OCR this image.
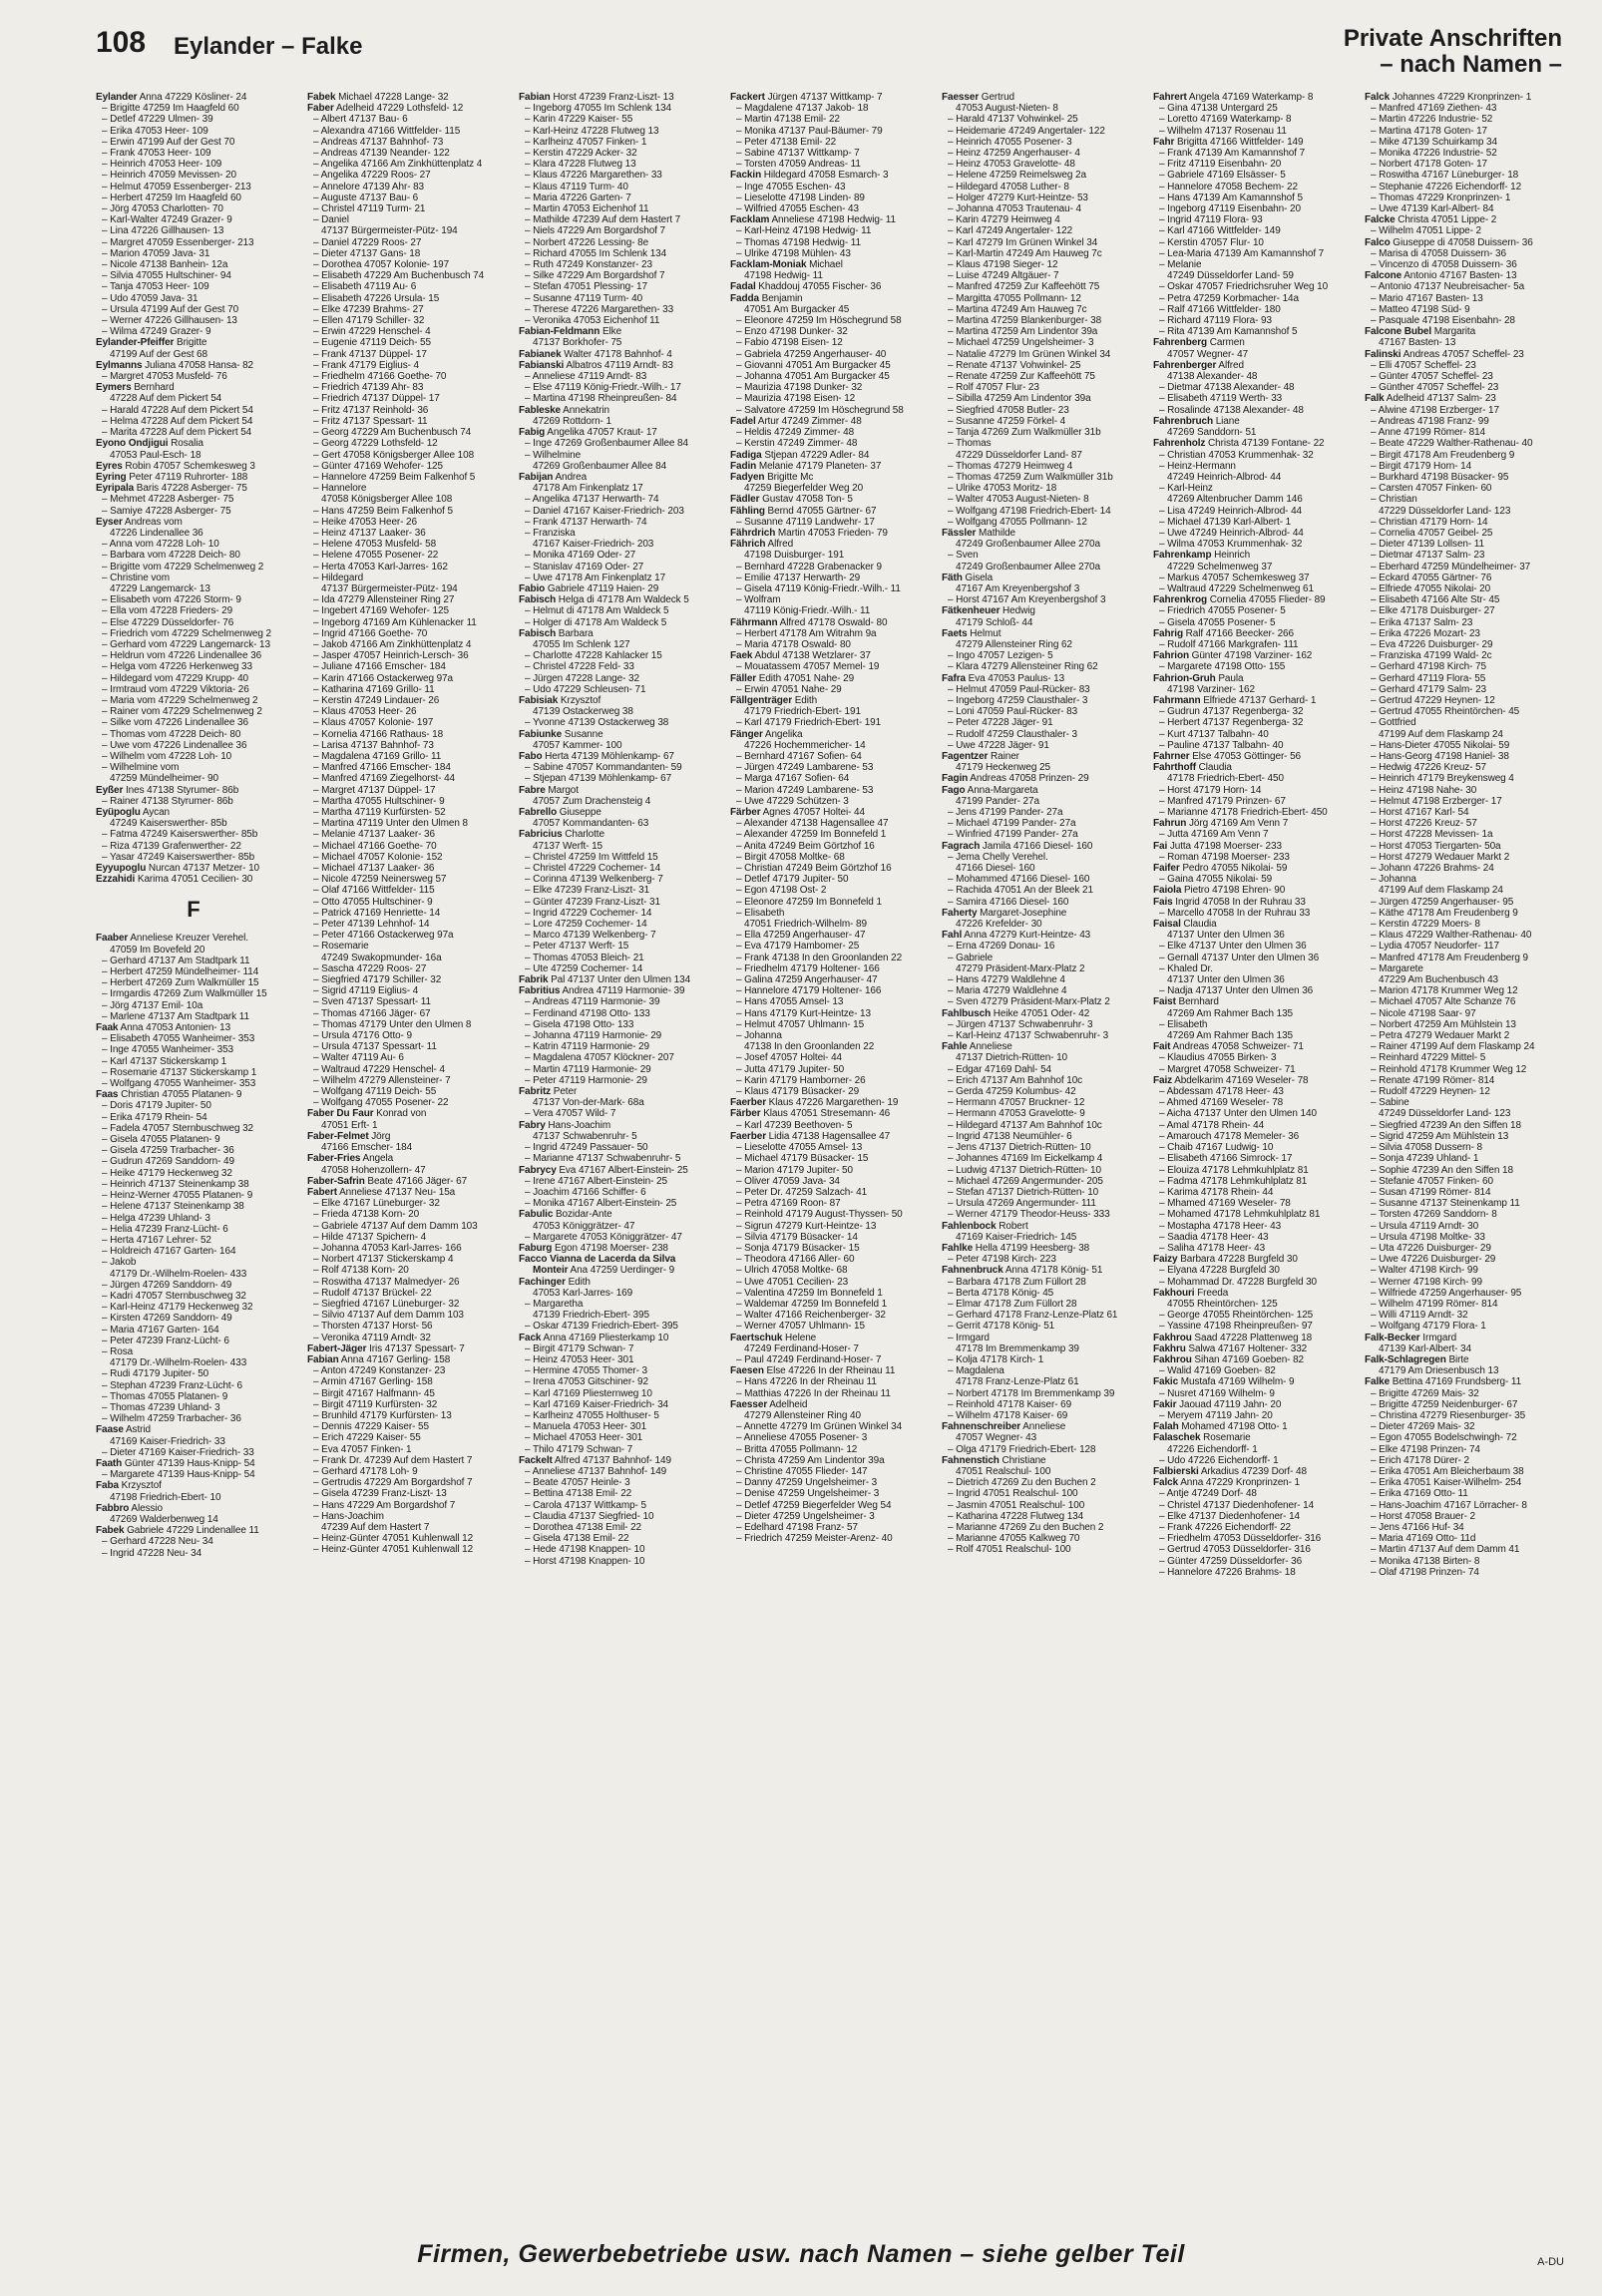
108 Eylander – Falke	Private Anschriften
– nach Namen –
Eylander Anna 47229 Kösliner- 24
– Brigitte 47259 Im Haagfeld 60
– Detlef 47229 Ulmen- 39
– Erika 47053 Heer- 109
– Erwin 47199 Auf der Gest 70
– Frank 47053 Heer- 109
– Heinrich 47053 Heer- 109
– Heinrich 47059 Mevissen- 20
– Helmut 47059 Essenberger- 213
– Herbert 47259 Im Haagfeld 60
– Jörg 47053 Charlotten- 70
– Karl-Walter 47249 Grazer- 9
– Lina 47226 Gillhausen- 13
– Margret 47059 Essenberger- 213
– Marion 47059 Java- 31
– Nicole 47138 Banhein- 12a
– Silvia 47055 Hultschiner- 94
– Tanja 47053 Heer- 109
– Udo 47059 Java- 31
– Ursula 47199 Auf der Gest 70
– Werner 47226 Gillhausen- 13
– Wilma 47249 Grazer- 9
Eylander-Pfeiffer Brigitte
47199 Auf der Gest 68
Eylmanns Juliana 47058 Hansa- 82
– Margret 47053 Musfeld- 76
Eymers Bernhard
47228 Auf dem Pickert 54
– Harald 47228 Auf dem Pickert 54
– Helma 47228 Auf dem Pickert 54
– Marita 47228 Auf dem Pickert 54
Eyono Ondjigui Rosalia
47053 Paul-Esch- 18
Eyres Robin 47057 Schemkesweg 3
Eyring Peter 47119 Ruhrorter- 188
Eyripala Baris 47228 Asberger- 75
– Mehmet 47228 Asberger- 75
– Samiye 47228 Asberger- 75
Eyser Andreas vom
47226 Lindenallee 36
– Anna vom 47228 Loh- 10
– Barbara vom 47228 Deich- 80
– Brigitte vom 47229 Schelmenweg 2
– Christine vom
47229 Langemarck- 13
– Elisabeth vom 47226 Storm- 9
– Ella vom 47228 Frieders- 29
– Else 47229 Düsseldorfer- 76
– Friedrich vom 47229 Schelmenweg 2
– Gerhard vom 47229 Langemarck- 13
– Heldrun vom 47226 Lindenallee 36
– Helga vom 47226 Herkenweg 33
– Hildegard vom 47229 Krupp- 40
– Irmtraud vom 47229 Viktoria- 26
– Maria vom 47229 Schelmenweg 2
– Rainer vom 47229 Schelmenweg 2
– Silke vom 47226 Lindenallee 36
– Thomas vom 47228 Deich- 80
– Uwe vom 47226 Lindenallee 36
– Wilhelm vom 47228 Loh- 10
– Wilhelmine vom
47259 Mündelheimer- 90
Eyßer Ines 47138 Styrumer- 86b
– Rainer 47138 Styrumer- 86b
Eyüpoglu Aycan
47249 Kaiserswerther- 85b
– Fatma 47249 Kaiserswerther- 85b
– Riza 47139 Grafenwerther- 22
– Yasar 47249 Kaiserswerther- 85b
Eyyupoglu Nurcan 47137 Metzer- 10
Ezzahidi Karima 47051 Cecilien- 30
F
Faaber Anneliese Kreuzer Verehel.
47059 Im Bovefeld 20
– Gerhard 47137 Am Stadtpark 11
– Herbert 47259 Mündelheimer- 114
– Herbert 47269 Zum Walkmüller 15
– Irmgardis 47269 Zum Walkmüller 15
– Jörg 47137 Emil- 10a
– Marlene 47137 Am Stadtpark 11
Faak Anna 47053 Antonien- 13
– Elisabeth 47055 Wanheimer- 353
– Inge 47055 Wanheimer- 353
– Karl 47137 Stickerskamp 1
– Rosemarie 47137 Stickerskamp 1
– Wolfgang 47055 Wanheimer- 353
Faas Christian 47055 Platanen- 9
– Doris 47179 Jupiter- 50
– Erika 47179 Rhein- 54
– Fadela 47057 Sternbuschweg 32
– Gisela 47055 Platanen- 9
– Gisela 47259 Trarbacher- 36
– Gudrun 47269 Sanddorn- 49
– Heike 47179 Heckenweg 32
– Heinrich 47137 Steinenkamp 38
– Heinz-Werner 47055 Platanen- 9
– Helene 47137 Steinenkamp 38
– Helga 47239 Uhland- 3
– Helia 47239 Franz-Lücht- 6
– Herta 47167 Lehrer- 52
– Holdreich 47167 Garten- 164
– Jakob
47179 Dr.-Wilhelm-Roelen- 433
– Jürgen 47269 Sanddorn- 49
– Kadri 47057 Sternbuschweg 32
– Karl-Heinz 47179 Heckenweg 32
– Kirsten 47269 Sanddorn- 49
– Maria 47167 Garten- 164
– Peter 47239 Franz-Lücht- 6
– Rosa
47179 Dr.-Wilhelm-Roelen- 433
– Rudi 47179 Jupiter- 50
– Stephan 47239 Franz-Lücht- 6
– Thomas 47055 Platanen- 9
– Thomas 47239 Uhland- 3
– Wilhelm 47259 Trarbacher- 36
Faase Astrid
47169 Kaiser-Friedrich- 33
– Dieter 47169 Kaiser-Friedrich- 33
Faath Günter 47139 Haus-Knipp- 54
– Margarete 47139 Haus-Knipp- 54
Faba Krzysztof
47198 Friedrich-Ebert- 10
Fabbro Alessio
47269 Walderbenweg 14
Fabek Gabriele 47229 Lindenallee 11
– Gerhard 47228 Neu- 34
– Ingrid 47228 Neu- 34
Fabek Michael 47228 Lange- 32
Faber Adelheid 47229 Lothsfeld- 12
– Albert 47137 Bau- 6
– Alexandra 47166 Wittfelder- 115
– Andreas 47137 Bahnhof- 73
– Andreas 47139 Neander- 122
– Angelika 47166 Am Zinkhüttenplatz 4
– Angelika 47229 Roos- 27
– Annelore 47139 Ahr- 83
– Auguste 47137 Bau- 6
– Christel 47119 Turm- 21
– Daniel
47137 Bürgermeister-Pütz- 194
– Daniel 47229 Roos- 27
– Dieter 47137 Gans- 18
– Dorothea 47057 Kolonie- 197
– Elisabeth 47229 Am Buchenbusch 74
– Elisabeth 47119 Au- 6
– Elisabeth 47226 Ursula- 15
– Elke 47239 Brahms- 27
– Ellen 47179 Schiller- 32
– Erwin 47229 Henschel- 4
– Eugenie 47119 Deich- 55
– Frank 47137 Düppel- 17
– Frank 47179 Eiglius- 4
– Friedhelm 47166 Goethe- 70
– Friedrich 47139 Ahr- 83
– Friedrich 47137 Düppel- 17
– Fritz 47137 Reinhold- 36
– Fritz 47137 Spessart- 11
– Georg 47229 Am Buchenbusch 74
– Georg 47229 Lothsfeld- 12
– Gert 47058 Königsberger Allee 108
– Günter 47169 Wehofer- 125
– Hannelore 47259 Beim Falkenhof 5
– Hannelore
47058 Königsberger Allee 108
– Hans 47259 Beim Falkenhof 5
– Heike 47053 Heer- 26
– Heinz 47137 Laaker- 36
– Helene 47053 Musfeld- 58
– Helene 47055 Posener- 22
– Herta 47053 Karl-Jarres- 162
– Hildegard
47137 Bürgermeister-Pütz- 194
– Ida 47279 Allensteiner Ring 27
– Ingebert 47169 Wehofer- 125
– Ingeborg 47169 Am Kühlenacker 11
– Ingrid 47166 Goethe- 70
– Jakob 47166 Am Zinkhüttenplatz 4
– Jasper 47057 Heinrich-Lersch- 36
– Juliane 47166 Emscher- 184
– Karin 47166 Ostackerweg 97a
– Katharina 47169 Grillo- 11
– Kerstin 47249 Lindauer- 26
– Klaus 47053 Heer- 26
– Klaus 47057 Kolonie- 197
– Kornelia 47166 Rathaus- 18
– Larisa 47137 Bahnhof- 73
– Magdalena 47169 Grillo- 11
– Manfred 47166 Emscher- 184
– Manfred 47169 Ziegelhorst- 44
– Margret 47137 Düppel- 17
– Martha 47055 Hultschiner- 9
– Martha 47119 Kurfürsten- 52
– Martina 47119 Unter den Ulmen 8
– Melanie 47137 Laaker- 36
– Michael 47166 Goethe- 70
– Michael 47057 Kolonie- 152
– Michael 47137 Laaker- 36
– Nicole 47259 Neinersweg 57
– Olaf 47166 Wittfelder- 115
– Otto 47055 Hultschiner- 9
– Patrick 47169 Henriette- 14
– Peter 47139 Lehnhof- 14
– Peter 47166 Ostackerweg 97a
– Rosemarie
47249 Swakopmunder- 16a
– Sascha 47229 Roos- 27
– Siegfried 47179 Schiller- 32
– Sigrid 47119 Eiglius- 4
– Sven 47137 Spessart- 11
– Thomas 47166 Jäger- 67
– Thomas 47179 Unter den Ulmen 8
– Ursula 47176 Otto- 9
– Ursula 47137 Spessart- 11
– Walter 47119 Au- 6
– Waltraud 47229 Henschel- 4
– Wilhelm 47279 Allensteiner- 7
– Wolfgang 47119 Deich- 55
– Wolfgang 47055 Posener- 22
Faber Du Faur Konrad von
47051 Erft- 1
Faber-Felmet Jörg
47166 Emscher- 184
Faber-Fries Angela
47058 Hohenzollern- 47
Faber-Safrin Beate 47166 Jäger- 67
Fabert Anneliese 47137 Neu- 15a
– Elke 47167 Lüneburger- 32
– Frieda 47138 Korn- 20
– Gabriele 47137 Auf dem Damm 103
– Hilde 47137 Spichern- 4
– Johanna 47053 Karl-Jarres- 166
– Norbert 47137 Stickerskamp 4
– Rolf 47138 Korn- 20
– Roswitha 47137 Malmedyer- 26
– Rudolf 47137 Brückel- 22
– Siegfried 47167 Lüneburger- 32
– Silvio 47137 Auf dem Damm 103
– Thorsten 47137 Horst- 56
– Veronika 47119 Arndt- 32
Fabert-Jäger Iris 47137 Spessart- 7
Fabian Anna 47167 Gerling- 158
– Anton 47249 Konstanzer- 23
– Armin 47167 Gerling- 158
– Birgit 47167 Halfmann- 45
– Birgit 47119 Kurfürsten- 32
– Brunhild 47179 Kurfürsten- 13
– Dennis 47229 Kaiser- 55
– Erich 47229 Kaiser- 55
– Eva 47057 Finken- 1
– Frank Dr. 47239 Auf dem Hastert 7
– Gerhard 47178 Loh- 9
– Gertrudis 47229 Am Borgardshof 7
– Gisela 47239 Franz-Liszt- 13
– Hans 47229 Am Borgardshof 7
– Hans-Joachim
47239 Auf dem Hastert 7
– Heinz-Günter 47051 Kuhlenwall 12
– Heinz-Günter 47051 Kuhlenwall 12
Fabian Horst 47239 Franz-Liszt- 13
– Ingeborg 47055 Im Schlenk 134
– Karin 47229 Kaiser- 55
– Karl-Heinz 47228 Flutweg 13
– Karlheinz 47057 Finken- 1
– Kerstin 47229 Acker- 32
– Klara 47228 Flutweg 13
– Klaus 47226 Margarethen- 33
– Klaus 47119 Turm- 40
– Maria 47226 Garten- 7
– Martin 47053 Eichenhof 11
– Mathilde 47239 Auf dem Hastert 7
– Niels 47229 Am Borgardshof 7
– Norbert 47226 Lessing- 8e
– Richard 47055 Im Schlenk 134
– Ruth 47249 Konstanzer- 23
– Silke 47229 Am Borgardshof 7
– Stefan 47051 Plessing- 17
– Susanne 47119 Turm- 40
– Therese 47226 Margarethen- 33
– Veronika 47053 Eichenhof 11
Fabian-Feldmann Elke
47137 Borkhofer- 75
Fabianek Walter 47178 Bahnhof- 4
Fabianski Albatros 47119 Arndt- 83
– Anneliese 47119 Arndt- 83
– Else 47119 König-Friedr.-Wilh.- 17
– Martina 47198 Rheinpreußen- 84
Fableske Annekatrin
47269 Rottdorn- 1
Fabig Angelika 47057 Kraut- 17
– Inge 47269 Großenbaumer Allee 84
– Wilhelmine
47269 Großenbaumer Allee 84
Fabijan Andrea
47178 Am Finkenplatz 17
– Angelika 47137 Herwarth- 74
– Daniel 47167 Kaiser-Friedrich- 203
– Frank 47137 Herwarth- 74
– Franziska
47167 Kaiser-Friedrich- 203
– Monika 47169 Oder- 27
– Stanislav 47169 Oder- 27
– Uwe 47178 Am Finkenplatz 17
Fabio Gabriele 47119 Haien- 29
Fabisch Helga di 47178 Am Waldeck 5
– Helmut di 47178 Am Waldeck 5
– Holger di 47178 Am Waldeck 5
Fabisch Barbara
47055 Im Schlenk 127
– Charlotte 47228 Kahlacker 15
– Christel 47228 Feld- 33
– Jürgen 47228 Lange- 32
– Udo 47229 Schleusen- 71
Fabisiak Krzysztof
47139 Ostackerweg 38
– Yvonne 47139 Ostackerweg 38
Fabiunke Susanne
47057 Kammer- 100
Fabo Herta 47139 Möhlenkamp- 67
– Sabine 47057 Kommandanten- 59
– Stjepan 47139 Möhlenkamp- 67
Fabre Margot
47057 Zum Drachensteig 4
Fabrello Giuseppe
47057 Kommandanten- 63
Fabricius Charlotte
47137 Werft- 15
– Christel 47259 Im Wittfeld 15
– Christel 47229 Cochemer- 14
– Corinna 47139 Welkenberg- 7
– Elke 47239 Franz-Liszt- 31
– Günter 47239 Franz-Liszt- 31
– Ingrid 47229 Cochemer- 14
– Lore 47259 Cochemer- 14
– Marco 47139 Welkenberg- 7
– Peter 47137 Werft- 15
– Thomas 47053 Bleich- 21
– Ute 47259 Cochemer- 14
Fabrik Pal 47137 Unter den Ulmen 134
Fabritius Andrea 47119 Harmonie- 39
– Andreas 47119 Harmonie- 39
– Ferdinand 47198 Otto- 133
– Gisela 47198 Otto- 133
– Johanna 47119 Harmonie- 29
– Katrin 47119 Harmonie- 29
– Magdalena 47057 Klöckner- 207
– Martin 47119 Harmonie- 29
– Peter 47119 Harmonie- 29
Fabritz Peter
47137 Von-der-Mark- 68a
– Vera 47057 Wild- 7
Fabry Hans-Joachim
47137 Schwabenruhr- 5
– Ingrid 47249 Passauer- 50
– Marianne 47137 Schwabenruhr- 5
Fabrycy Eva 47167 Albert-Einstein- 25
– Irene 47167 Albert-Einstein- 25
– Joachim 47166 Schiffer- 6
– Monika 47167 Albert-Einstein- 25
Fabulic Bozidar-Ante
47053 Königgrätzer- 47
– Margarete 47053 Königgrätzer- 47
Faburg Egon 47198 Moerser- 238
Facco Vianna de Lacerda da Silva
Monteir Ana 47259 Uerdinger- 9
Fachinger Edith
47053 Karl-Jarres- 169
– Margaretha
47139 Friedrich-Ebert- 395
– Oskar 47139 Friedrich-Ebert- 395
Fack Anna 47169 Pliesterkamp 10
– Birgit 47179 Schwan- 7
– Heinz 47053 Heer- 301
– Hermine 47055 Thomer- 3
– Irena 47053 Gitschiner- 92
– Karl 47169 Pliesternweg 10
– Karl 47169 Kaiser-Friedrich- 34
– Karlheinz 47055 Holthuser- 5
– Manuela 47053 Heer- 301
– Michael 47053 Heer- 301
– Thilo 47179 Schwan- 7
Fackelt Alfred 47137 Bahnhof- 149
– Anneliese 47137 Bahnhof- 149
– Beate 47057 Heinle- 3
– Bettina 47138 Emil- 22
– Carola 47137 Wittkamp- 5
– Claudia 47137 Siegfried- 10
– Dorothea 47138 Emil- 22
– Gisela 47138 Emil- 22
– Hede 47198 Knappen- 10
– Horst 47198 Knappen- 10
Fackert Jürgen 47137 Wittkamp- 7
– Magdalene 47137 Jakob- 18
– Martin 47138 Emil- 22
– Monika 47137 Paul-Bäumer- 79
– Peter 47138 Emil- 22
– Sabine 47137 Wittkamp- 7
– Torsten 47059 Andreas- 11
Fackin Hildegard 47058 Esmarch- 3
– Inge 47055 Eschen- 43
– Lieselotte 47198 Linden- 89
– Wilfried 47055 Eschen- 43
Facklam Anneliese 47198 Hedwig- 11
– Karl-Heinz 47198 Hedwig- 11
– Thomas 47198 Hedwig- 11
– Ulrike 47198 Mühlen- 43
Facklam-Moniak Michael
47198 Hedwig- 11
Fadal Khaddouj 47055 Fischer- 36
Fadda Benjamin
47051 Am Burgacker 45
– Eleonore 47259 Im Höschegrund 58
– Enzo 47198 Dunker- 32
– Fabio 47198 Eisen- 12
– Gabriela 47259 Angerhauser- 40
– Giovanni 47051 Am Burgacker 45
– Johanna 47051 Am Burgacker 45
– Maurizia 47198 Dunker- 32
– Maurizia 47198 Eisen- 12
– Salvatore 47259 Im Höschegrund 58
Fadel Artur 47249 Zimmer- 48
– Heldis 47249 Zimmer- 48
– Kerstin 47249 Zimmer- 48
Fadiga Stjepan 47229 Adler- 84
Fadin Melanie 47179 Planeten- 37
Fadyen Brigitte Mc
47259 Biegerfelder Weg 20
Fädler Gustav 47058 Ton- 5
Fähling Bernd 47055 Gärtner- 67
– Susanne 47119 Landwehr- 17
Fährdrich Martin 47053 Frieden- 79
Fährich Alfred
47198 Duisburger- 191
– Bernhard 47228 Grabenacker 9
– Emilie 47137 Herwarth- 29
– Gisela 47119 König-Friedr.-Wilh.- 11
– Wolfram
47119 König-Friedr.-Wilh.- 11
Fährmann Alfred 47178 Oswald- 80
– Herbert 47178 Am Witrahm 9a
– Maria 47178 Oswald- 80
Faek Abdul 47138 Wetzlarer- 37
– Mouatassem 47057 Memel- 19
Fäller Edith 47051 Nahe- 29
– Erwin 47051 Nahe- 29
Fällgenträger Edith
47179 Friedrich-Ebert- 191
– Karl 47179 Friedrich-Ebert- 191
Fänger Angelika
47226 Hochemmericher- 14
– Bernhard 47167 Sofien- 64
– Jürgen 47249 Lambarene- 53
– Marga 47167 Sofien- 64
– Marion 47249 Lambarene- 53
– Uwe 47229 Schützen- 3
Färber Agnes 47057 Holtei- 44
– Alexander 47138 Hagensallee 47
– Alexander 47259 Im Bonnefeld 1
– Anita 47249 Beim Görtzhof 16
– Birgit 47058 Moltke- 68
– Christian 47249 Beim Görtzhof 16
– Detlef 47179 Jupiter- 50
– Egon 47198 Ost- 2
– Eleonore 47259 Im Bonnefeld 1
– Elisabeth
47051 Friedrich-Wilhelm- 89
– Ella 47259 Angerhauser- 47
– Eva 47179 Hambomer- 25
– Frank 47138 In den Groonlanden 22
– Friedhelm 47179 Holtener- 166
– Galina 47259 Angerhauser- 47
– Hannelore 47179 Holtener- 166
– Hans 47055 Amsel- 13
– Hans 47179 Kurt-Heintze- 13
– Helmut 47057 Uhlmann- 15
– Johanna
47138 In den Groonlanden 22
– Josef 47057 Holtei- 44
– Jutta 47179 Jupiter- 50
– Karin 47179 Hamborner- 26
– Klaus 47179 Büsacker- 29
Faerber Klaus 47226 Margarethen- 19
Färber Klaus 47051 Stresemann- 46
– Karl 47239 Beethoven- 5
Faerber Lidia 47138 Hagensallee 47
– Lieselotte 47055 Amsel- 13
– Michael 47179 Büsacker- 15
– Marion 47179 Jupiter- 50
– Oliver 47059 Java- 34
– Peter Dr. 47259 Salzach- 41
– Petra 47169 Roon- 87
– Reinhold 47179 August-Thyssen- 50
– Sigrun 47279 Kurt-Heintze- 13
– Silvia 47179 Büsacker- 14
– Sonja 47179 Büsacker- 15
– Theodora 47166 Aller- 60
– Ulrich 47058 Moltke- 68
– Uwe 47051 Cecilien- 23
– Valentina 47259 Im Bonnefeld 1
– Waldemar 47259 Im Bonnefeld 1
– Walter 47166 Reichenberger- 32
– Werner 47057 Uhlmann- 15
Faertschuk Helene
47249 Ferdinand-Hoser- 7
– Paul 47249 Ferdinand-Hoser- 7
Faesen Else 47226 In der Rheinau 11
– Hans 47226 In der Rheinau 11
– Matthias 47226 In der Rheinau 11
Faesser Adelheid
47279 Allensteiner Ring 40
– Annette 47279 Im Grünen Winkel 34
– Anneliese 47055 Posener- 3
– Britta 47055 Pollmann- 12
– Christa 47259 Am Lindentor 39a
– Christine 47055 Flieder- 147
– Danny 47259 Ungelsheimer- 3
– Denise 47259 Ungelsheimer- 3
– Detlef 47259 Biegerfelder Weg 54
– Dieter 47259 Ungelsheimer- 3
– Edelhard 47198 Franz- 57
– Friedrich 47259 Meister-Arenz- 40
Faesser Gertrud
47053 August-Nieten- 8
– Harald 47137 Vohwinkel- 25
– Heidemarie 47249 Angertaler- 122
– Heinrich 47055 Posener- 3
– Heinz 47259 Angerhauser- 4
– Heinz 47053 Gravelotte- 48
– Helene 47259 Reimelsweg 2a
– Hildegard 47058 Luther- 8
– Holger 47279 Kurt-Heintze- 53
– Johanna 47053 Trautenau- 4
– Karin 47279 Heimweg 4
– Karl 47249 Angertaler- 122
– Karl 47279 Im Grünen Winkel 34
– Karl-Martin 47249 Am Hauweg 7c
– Klaus 47198 Sieger- 12
– Luise 47249 Altgäuer- 7
– Manfred 47259 Zur Kaffeehött 75
– Margitta 47055 Pollmann- 12
– Martina 47249 Am Hauweg 7c
– Martina 47259 Blankenburger- 38
– Martina 47259 Am Lindentor 39a
– Michael 47259 Ungelsheimer- 3
– Natalie 47279 Im Grünen Winkel 34
– Renate 47137 Vohwinkel- 25
– Renate 47259 Zur Kaffeehött 75
– Rolf 47057 Flur- 23
– Sibilla 47259 Am Lindentor 39a
– Siegfried 47058 Butler- 23
– Susanne 47259 Förkel- 4
– Tanja 47269 Zum Walkmüller 31b
– Thomas
47229 Düsseldorfer Land- 87
– Thomas 47279 Heimweg 4
– Thomas 47259 Zum Walkmüller 31b
– Ulrike 47053 Moritz- 18
– Walter 47053 August-Nieten- 8
– Wolfgang 47198 Friedrich-Ebert- 14
– Wolfgang 47055 Pollmann- 12
Fässler Mathilde
47249 Großenbaumer Allee 270a
– Sven
47249 Großenbaumer Allee 270a
Fäth Gisela
47167 Am Kreyenbergshof 3
– Horst 47167 Am Kreyenbergshof 3
Fätkenheuer Hedwig
47179 Schloß- 44
Faets Helmut
47279 Allensteiner Ring 62
– Ingo 47057 Lezigen- 5
– Klara 47279 Allensteiner Ring 62
Fafra Eva 47053 Paulus- 13
– Helmut 47059 Paul-Rücker- 83
– Ingeborg 47259 Clausthaler- 3
– Loni 47059 Paul-Rücker- 83
– Peter 47228 Jäger- 91
– Rudolf 47259 Clausthaler- 3
– Uwe 47228 Jäger- 91
Fagentzer Rainer
47179 Heckenweg 25
Fagin Andreas 47058 Prinzen- 29
Fago Anna-Margareta
47199 Pander- 27a
– Jens 47199 Pander- 27a
– Michael 47199 Pander- 27a
– Winfried 47199 Pander- 27a
Fagrach Jamila 47166 Diesel- 160
– Jema Chelly Verehel.
47166 Diesel- 160
– Mohammed 47166 Diesel- 160
– Rachida 47051 An der Bleek 21
– Samira 47166 Diesel- 160
Faherty Margaret-Josephine
47226 Krefelder- 30
Fahl Anna 47279 Kurt-Heintze- 43
– Erna 47269 Donau- 16
– Gabriele
47279 Präsident-Marx-Platz 2
– Hans 47279 Waldlehne 4
– Maria 47279 Waldlehne 4
– Sven 47279 Präsident-Marx-Platz 2
Fahlbusch Heike 47051 Oder- 42
– Jürgen 47137 Schwabenruhr- 3
– Karl-Heinz 47137 Schwabenruhr- 3
Fahle Anneliese
47137 Dietrich-Rütten- 10
– Edgar 47169 Dahl- 54
– Erich 47137 Am Bahnhof 10c
– Gerda 47259 Kolumbus- 42
– Hermann 47057 Bruckner- 12
– Hermann 47053 Gravelotte- 9
– Hildegard 47137 Am Bahnhof 10c
– Ingrid 47138 Neumühler- 6
– Jens 47137 Dietrich-Rütten- 10
– Johannes 47169 Im Eickelkamp 4
– Ludwig 47137 Dietrich-Rütten- 10
– Michael 47269 Angermunder- 205
– Stefan 47137 Dietrich-Rütten- 10
– Ursula 47269 Angermunder- 111
– Werner 47179 Theodor-Heuss- 333
Fahlenbock Robert
47169 Kaiser-Friedrich- 145
Fahlke Hella 47199 Heesberg- 38
– Peter 47198 Kirch- 223
Fahnenbruck Anna 47178 König- 51
– Barbara 47178 Zum Füllort 28
– Berta 47178 König- 45
– Elmar 47178 Zum Füllort 28
– Gerhard 47178 Franz-Lenze-Platz 61
– Gerrit 47178 König- 51
– Irmgard
47178 Im Bremmenkamp 39
– Kolja 47178 Kirch- 1
– Magdalena
47178 Franz-Lenze-Platz 61
– Norbert 47178 Im Bremmenkamp 39
– Reinhold 47178 Kaiser- 69
– Wilhelm 47178 Kaiser- 69
Fahnenschreiber Anneliese
47057 Wegner- 43
– Olga 47179 Friedrich-Ebert- 128
Fahnenstich Christiane
47051 Realschul- 100
– Dietrich 47269 Zu den Buchen 2
– Ingrid 47051 Realschul- 100
– Jasmin 47051 Realschul- 100
– Katharina 47228 Flutweg 134
– Marianne 47269 Zu den Buchen 2
– Marianne 47055 Kalkweg 70
– Rolf 47051 Realschul- 100
Fahrert Angela 47169 Waterkamp- 8
– Gina 47138 Untergard 25
– Loretto 47169 Waterkamp- 8
– Wilhelm 47137 Rosenau 11
Fahr Brigitta 47166 Wittfelder- 149
– Frank 47139 Am Kamannshof 7
– Fritz 47119 Eisenbahn- 20
– Gabriele 47169 Elsässer- 5
– Hannelore 47058 Bechem- 22
– Hans 47139 Am Kamannshof 5
– Ingeborg 47119 Eisenbahn- 20
– Ingrid 47119 Flora- 93
– Karl 47166 Wittfelder- 149
– Kerstin 47057 Flur- 10
– Lea-Maria 47139 Am Kamannshof 7
– Melanie
47249 Düsseldorfer Land- 59
– Oskar 47057 Friedrichsruher Weg 10
– Petra 47259 Korbmacher- 14a
– Ralf 47166 Wittfelder- 180
– Richard 47119 Flora- 93
– Rita 47139 Am Kamannshof 5
Fahrenberg Carmen
47057 Wegner- 47
Fahrenberger Alfred
47138 Alexander- 48
– Dietmar 47138 Alexander- 48
– Elisabeth 47119 Werth- 33
– Rosalinde 47138 Alexander- 48
Fahrenbruch Liane
47269 Sanddorn- 51
Fahrenholz Christa 47139 Fontane- 22
– Christian 47053 Krummenhak- 32
– Heinz-Hermann
47249 Heinrich-Albrod- 44
– Karl-Heinz
47269 Altenbrucher Damm 146
– Lisa 47249 Heinrich-Albrod- 44
– Michael 47139 Karl-Albert- 1
– Uwe 47249 Heinrich-Albrod- 44
– Wilma 47053 Krummenhak- 32
Fahrenkamp Heinrich
47229 Schelmenweg 37
– Markus 47057 Schemkesweg 37
– Waltraud 47229 Schelmenweg 61
Fahrenkrog Cornelia 47055 Flieder- 89
– Friedrich 47055 Posener- 5
– Gisela 47055 Posener- 5
Fahrig Ralf 47166 Beecker- 266
– Rudolf 47166 Markgrafen- 111
Fahrion Günter 47198 Varziner- 162
– Margarete 47198 Otto- 155
Fahrion-Gruh Paula
47198 Varziner- 162
Fahrmann Elfriede 47137 Gerhard- 1
– Gudrun 47137 Regenberga- 32
– Herbert 47137 Regenberga- 32
– Kurt 47137 Talbahn- 40
– Pauline 47137 Talbahn- 40
Fahrner Else 47053 Göttinger- 56
Fahrthoff Claudia
47178 Friedrich-Ebert- 450
– Horst 47179 Horn- 14
– Manfred 47179 Prinzen- 67
– Marianne 47178 Friedrich-Ebert- 450
Fahrun Jörg 47169 Am Venn 7
– Jutta 47169 Am Venn 7
Fai Jutta 47198 Moerser- 233
– Roman 47198 Moerser- 233
Faifer Pedro 47055 Nikolai- 59
– Gaina 47055 Nikolai- 59
Faiola Pietro 47198 Ehren- 90
Fais Ingrid 47058 In der Ruhrau 33
– Marcello 47058 In der Ruhrau 33
Faisal Claudia
47137 Unter den Ulmen 36
– Elke 47137 Unter den Ulmen 36
– Gernall 47137 Unter den Ulmen 36
– Khaled Dr.
47137 Unter den Ulmen 36
– Nadja 47137 Unter den Ulmen 36
Faist Bernhard
47269 Am Rahmer Bach 135
– Elisabeth
47269 Am Rahmer Bach 135
Fait Andreas 47058 Schweizer- 71
– Klaudius 47055 Birken- 3
– Margret 47058 Schweizer- 71
Faiz Abdelkarim 47169 Weseler- 78
– Abdessam 47178 Heer- 43
– Ahmed 47169 Weseler- 78
– Aicha 47137 Unter den Ulmen 140
– Amal 47178 Rhein- 44
– Amarouch 47178 Memeler- 36
– Chaib 47167 Ludwig- 10
– Elisabeth 47166 Simrock- 17
– Elouiza 47178 Lehmkuhlplatz 81
– Fadma 47178 Lehmkuhlplatz 81
– Karima 47178 Rhein- 44
– Mhamed 47169 Weseler- 78
– Mohamed 47178 Lehmkuhlplatz 81
– Mostapha 47178 Heer- 43
– Saadia 47178 Heer- 43
– Saliha 47178 Heer- 43
Faizy Barbara 47228 Burgfeld 30
– Elyana 47228 Burgfeld 30
– Mohammad Dr. 47228 Burgfeld 30
Fakhouri Freeda
47055 Rheintörchen- 125
– George 47055 Rheintörchen- 125
– Yassine 47198 Rheinpreußen- 97
Fakhrou Saad 47228 Plattenweg 18
Fakhru Salwa 47167 Holtener- 332
Fakhrou Sihan 47169 Goeben- 82
– Walid 47169 Goeben- 82
Fakic Mustafa 47169 Wilhelm- 9
– Nusret 47169 Wilhelm- 9
Fakir Jaouad 47119 Jahn- 20
– Meryem 47119 Jahn- 20
Falah Mohamed 47198 Otto- 1
Falaschek Rosemarie
47226 Eichendorff- 1
– Udo 47226 Eichendorff- 1
Falbierski Arkadius 47239 Dorf- 48
Falck Anna 47229 Kronprinzen- 1
– Antje 47249 Dorf- 48
– Christel 47137 Diedenhofener- 14
– Elke 47137 Diedenhofener- 14
– Frank 47226 Eichendorff- 22
– Friedhelm 47053 Düsseldorfer- 316
– Gertrud 47053 Düsseldorfer- 316
– Günter 47259 Düsseldorfer- 36
– Hannelore 47226 Brahms- 18
Falck Johannes 47229 Kronprinzen- 1
– Manfred 47169 Ziethen- 43
– Martin 47226 Industrie- 52
– Martina 47178 Goten- 17
– Mike 47139 Schuirkamp 34
– Monika 47226 Industrie- 52
– Norbert 47178 Goten- 17
– Roswitha 47167 Lüneburger- 18
– Stephanie 47226 Eichendorff- 12
– Thomas 47229 Kronprinzen- 1
– Uwe 47139 Karl-Albert- 84
Falcke Christa 47051 Lippe- 2
– Wilhelm 47051 Lippe- 2
Falco Giuseppe di 47058 Duissern- 36
– Marisa di 47058 Duissern- 36
– Vincenzo di 47058 Duissern- 36
Falcone Antonio 47167 Basten- 13
– Antonio 47137 Neubreisacher- 5a
– Mario 47167 Basten- 13
– Matteo 47198 Süd- 9
– Pasquale 47198 Eisenbahn- 28
Falcone Bubel Margarita
47167 Basten- 13
Falinski Andreas 47057 Scheffel- 23
– Elli 47057 Scheffel- 23
– Günter 47057 Scheffel- 23
– Günther 47057 Scheffel- 23
Falk Adelheid 47137 Salm- 23
– Alwine 47198 Erzberger- 17
– Andreas 47198 Franz- 99
– Anne 47199 Römer- 814
– Beate 47229 Walther-Rathenau- 40
– Birgit 47178 Am Freudenberg 9
– Birgit 47179 Horn- 14
– Burkhard 47198 Büsacker- 95
– Carsten 47057 Finken- 60
– Christian
47229 Düsseldorfer Land- 123
– Christian 47179 Horn- 14
– Cornelia 47057 Geibel- 25
– Dieter 47139 Lollsen- 11
– Dietmar 47137 Salm- 23
– Eberhard 47259 Mündelheimer- 37
– Eckard 47055 Gärtner- 76
– Elfriede 47055 Nikolai- 20
– Elisabeth 47166 Alte Str- 45
– Elke 47178 Duisburger- 27
– Erika 47137 Salm- 23
– Erika 47226 Mozart- 23
– Eva 47226 Duisburger- 29
– Franziska 47199 Wald- 2c
– Gerhard 47198 Kirch- 75
– Gerhard 47119 Flora- 55
– Gerhard 47179 Salm- 23
– Gertrud 47229 Heynen- 12
– Gertrud 47055 Rheintörchen- 45
– Gottfried
47199 Auf dem Flaskamp 24
– Hans-Dieter 47055 Nikolai- 59
– Hans-Georg 47198 Haniel- 38
– Hedwig 47226 Kreuz- 57
– Heinrich 47179 Breykensweg 4
– Heinz 47198 Nahe- 30
– Helmut 47198 Erzberger- 17
– Horst 47167 Karl- 54
– Horst 47226 Kreuz- 57
– Horst 47228 Mevissen- 1a
– Horst 47053 Tiergarten- 50a
– Horst 47279 Wedauer Markt 2
– Johann 47226 Brahms- 24
– Johanna
47199 Auf dem Flaskamp 24
– Jürgen 47259 Angerhauser- 95
– Käthe 47178 Am Freudenberg 9
– Kerstin 47229 Moers- 8
– Klaus 47229 Walther-Rathenau- 40
– Lydia 47057 Neudorfer- 117
– Manfred 47178 Am Freudenberg 9
– Margarete
47229 Am Buchenbusch 43
– Marion 47178 Krummer Weg 12
– Michael 47057 Alte Schanze 76
– Nicole 47198 Saar- 97
– Norbert 47259 Am Mühlstein 13
– Petra 47279 Wedauer Markt 2
– Rainer 47199 Auf dem Flaskamp 24
– Reinhard 47229 Mittel- 5
– Reinhold 47178 Krummer Weg 12
– Renate 47199 Römer- 814
– Rudolf 47229 Heynen- 12
– Sabine
47249 Düsseldorfer Land- 123
– Siegfried 47239 An den Siffen 18
– Sigrid 47259 Am Mühlstein 13
– Silvia 47058 Dussern- 8
– Sonja 47239 Uhland- 1
– Sophie 47239 An den Siffen 18
– Stefanie 47057 Finken- 60
– Susan 47199 Römer- 814
– Susanne 47137 Steinenkamp 11
– Torsten 47269 Sanddorn- 8
– Ursula 47119 Arndt- 30
– Ursula 47198 Moltke- 33
– Uta 47226 Duisburger- 29
– Uwe 47226 Duisburger- 29
– Walter 47198 Kirch- 99
– Werner 47198 Kirch- 99
– Wilfriede 47259 Angerhauser- 95
– Wilhelm 47199 Römer- 814
– Willi 47119 Arndt- 32
– Wolfgang 47179 Flora- 1
Falk-Becker Irmgard
47139 Karl-Albert- 34
Falk-Schlagregen Birte
47179 Am Driesenbusch 13
Falke Bettina 47169 Frundsberg- 11
– Brigitte 47269 Mais- 32
– Brigitte 47259 Neidenburger- 67
– Christina 47279 Riesenburger- 35
– Dieter 47269 Mais- 32
– Egon 47055 Bodelschwingh- 72
– Elke 47198 Prinzen- 74
– Erich 47178 Dürer- 2
– Erika 47051 Am Bleicherbaum 38
– Erika 47051 Kaiser-Wilhelm- 254
– Erika 47169 Otto- 11
– Hans-Joachim 47167 Lörracher- 8
– Horst 47058 Brauer- 2
– Jens 47166 Huf- 34
– Maria 47169 Otto- 11d
– Martin 47137 Auf dem Damm 41
– Monika 47138 Birten- 8
– Olaf 47198 Prinzen- 74
Firmen, Gewerbebetriebe usw. nach Namen – siehe gelber Teil	A-DU
